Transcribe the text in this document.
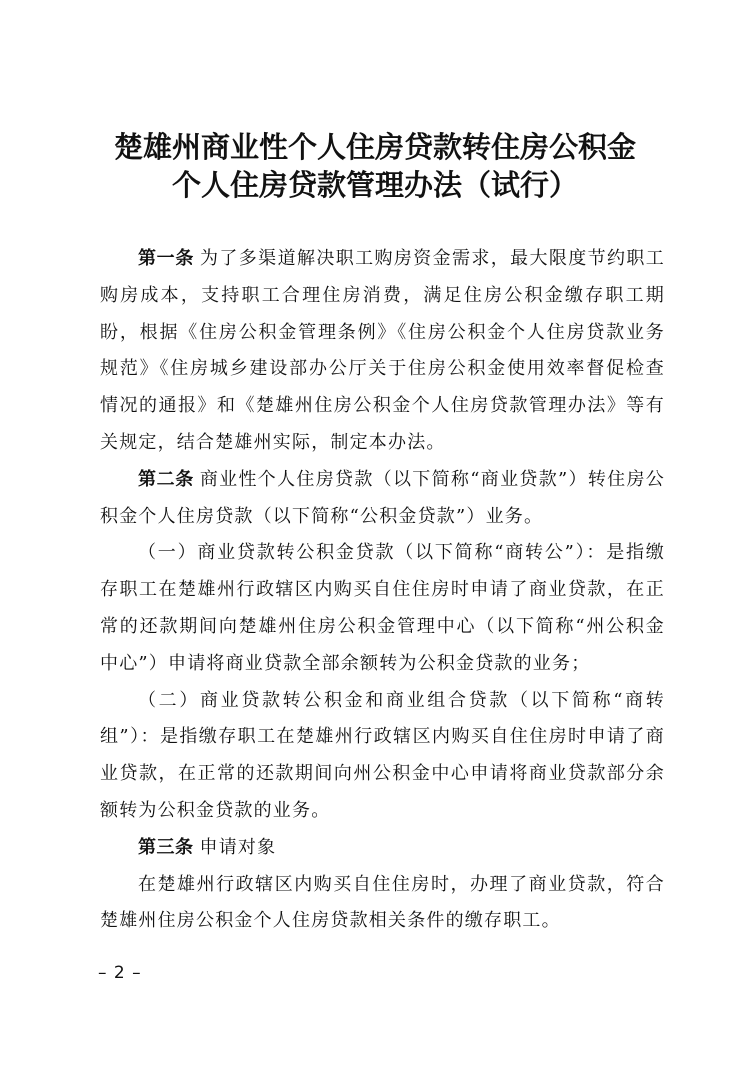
楚雄州商业性个人住房贷款转住房公积金
个人住房贷款管理办法（试行）

第一条 为了多渠道解决职工购房资金需求，最大限度节约职工购房成本，支持职工合理住房消费，满足住房公积金缴存职工期盼，根据《住房公积金管理条例》《住房公积金个人住房贷款业务规范》《住房城乡建设部办公厅关于住房公积金使用效率督促检查情况的通报》和《楚雄州住房公积金个人住房贷款管理办法》等有关规定，结合楚雄州实际，制定本办法。

第二条 商业性个人住房贷款（以下简称“商业贷款”）转住房公积金个人住房贷款（以下简称“公积金贷款”）业务。

（一）商业贷款转公积金贷款（以下简称“商转公”）：是指缴存职工在楚雄州行政辖区内购买自住住房时申请了商业贷款，在正常的还款期间向楚雄州住房公积金管理中心（以下简称“州公积金中心”）申请将商业贷款全部余额转为公积金贷款的业务；

（二）商业贷款转公积金和商业组合贷款（以下简称“商转组”）：是指缴存职工在楚雄州行政辖区内购买自住住房时申请了商业贷款，在正常的还款期间向州公积金中心申请将商业贷款部分余额转为公积金贷款的业务。

第三条 申请对象

在楚雄州行政辖区内购买自住住房时，办理了商业贷款，符合楚雄州住房公积金个人住房贷款相关条件的缴存职工。

– 2 –
